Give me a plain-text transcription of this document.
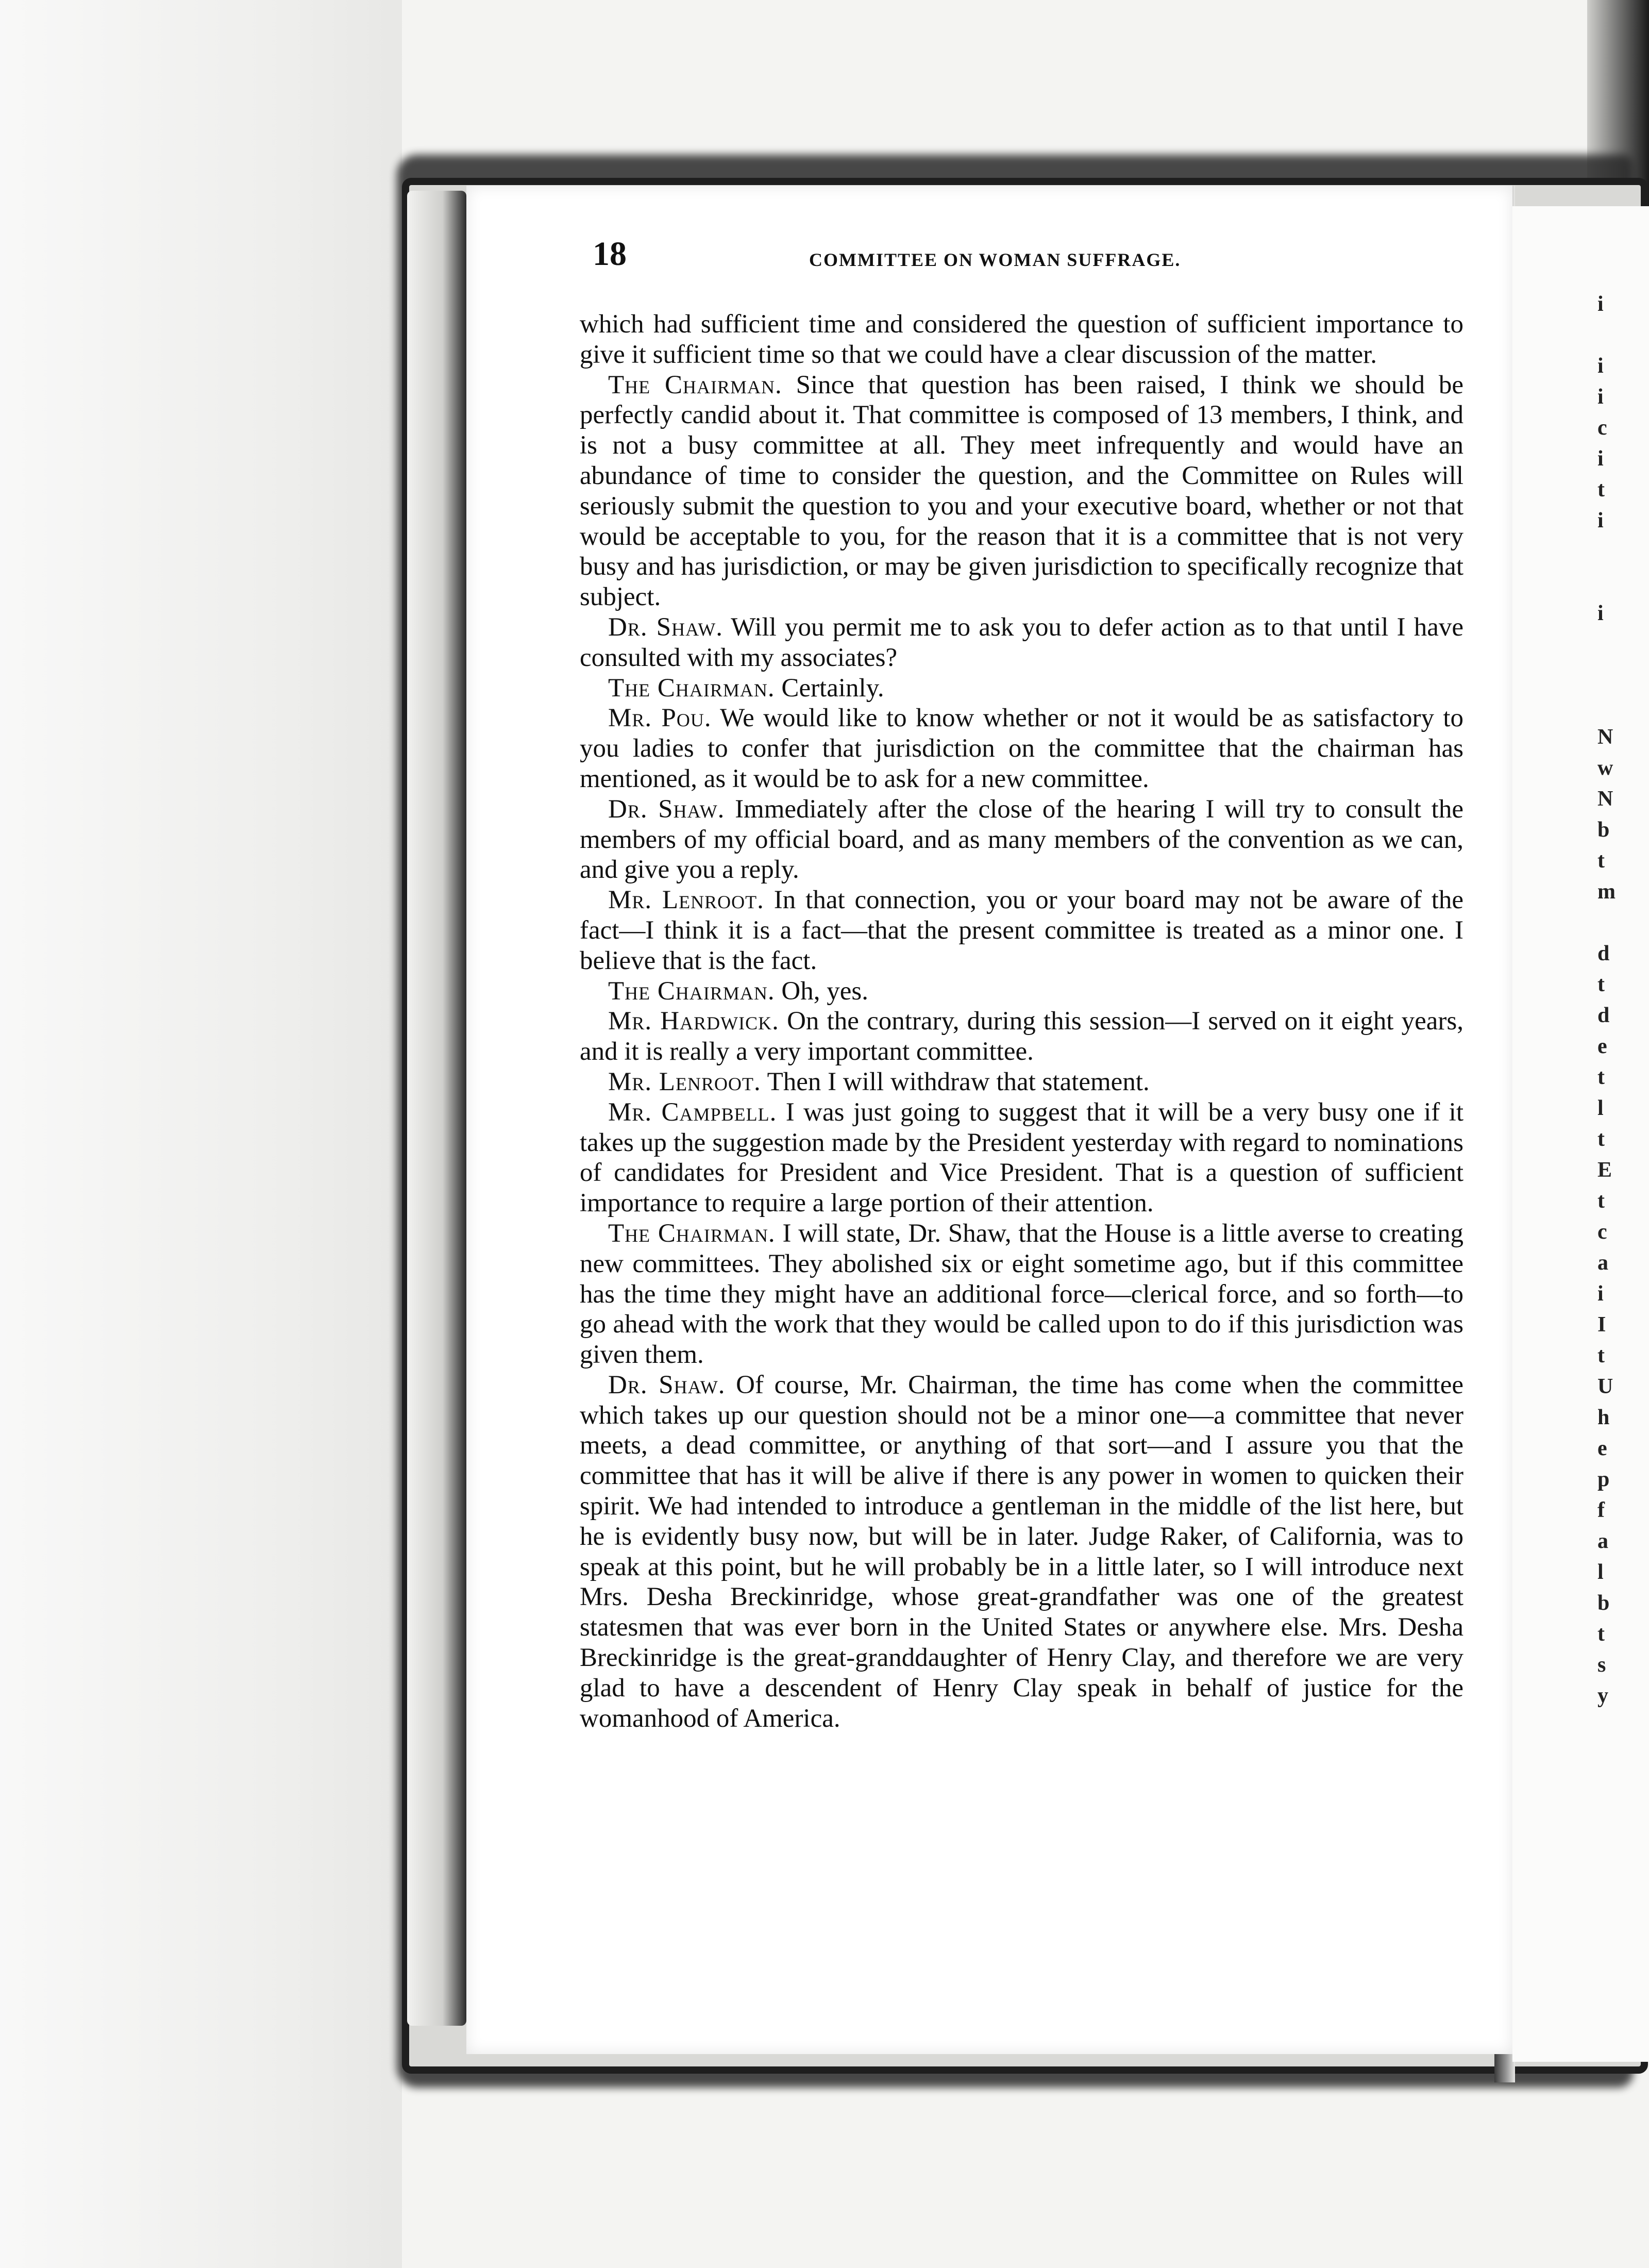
i
i
i
c
i
t
i
i
N
w
N
b
t
m
d
t
d
e
t
l
t
E
t
c
a
i
I
t
U
h
e
p
f
a
l
b
t
s
y
18	COMMITTEE ON WOMAN SUFFRAGE.

which had sufficient time and considered the question of sufficient importance to give it sufficient time so that we could have a clear discussion of the matter.

The Chairman. Since that question has been raised, I think we should be perfectly candid about it. That committee is composed of 13 members, I think, and is not a busy committee at all. They meet infrequently and would have an abundance of time to consider the question, and the Committee on Rules will seriously submit the question to you and your executive board, whether or not that would be acceptable to you, for the reason that it is a committee that is not very busy and has jurisdiction, or may be given jurisdiction to specifically recognize that subject.

Dr. Shaw. Will you permit me to ask you to defer action as to that until I have consulted with my associates?

The Chairman. Certainly.

Mr. Pou. We would like to know whether or not it would be as satisfactory to you ladies to confer that jurisdiction on the committee that the chairman has mentioned, as it would be to ask for a new committee.

Dr. Shaw. Immediately after the close of the hearing I will try to consult the members of my official board, and as many members of the convention as we can, and give you a reply.

Mr. Lenroot. In that connection, you or your board may not be aware of the fact—I think it is a fact—that the present committee is treated as a minor one. I believe that is the fact.

The Chairman. Oh, yes.

Mr. Hardwick. On the contrary, during this session—I served on it eight years, and it is really a very important committee.

Mr. Lenroot. Then I will withdraw that statement.

Mr. Campbell. I was just going to suggest that it will be a very busy one if it takes up the suggestion made by the President yesterday with regard to nominations of candidates for President and Vice President. That is a question of sufficient importance to require a large portion of their attention.

The Chairman. I will state, Dr. Shaw, that the House is a little averse to creating new committees. They abolished six or eight sometime ago, but if this committee has the time they might have an additional force—clerical force, and so forth—to go ahead with the work that they would be called upon to do if this jurisdiction was given them.

Dr. Shaw. Of course, Mr. Chairman, the time has come when the committee which takes up our question should not be a minor one—a committee that never meets, a dead committee, or anything of that sort—and I assure you that the committee that has it will be alive if there is any power in women to quicken their spirit. We had intended to introduce a gentleman in the middle of the list here, but he is evidently busy now, but will be in later. Judge Raker, of California, was to speak at this point, but he will probably be in a little later, so I will introduce next Mrs. Desha Breckinridge, whose great-grandfather was one of the greatest statesmen that was ever born in the United States or anywhere else. Mrs. Desha Breckinridge is the great-granddaughter of Henry Clay, and therefore we are very glad to have a descendent of Henry Clay speak in behalf of justice for the womanhood of America.
